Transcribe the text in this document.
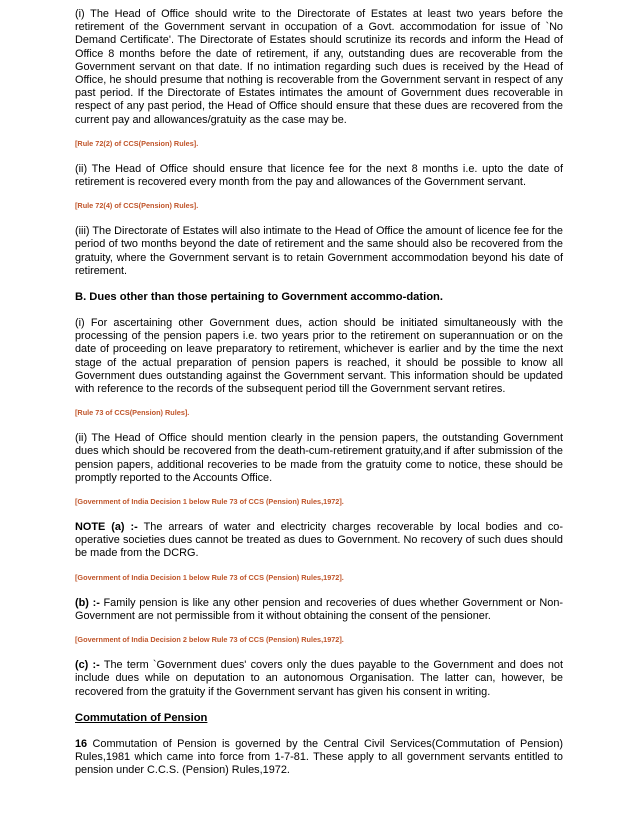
(i) The Head of Office should write to the Directorate of Estates at least two years before the retirement of the Government servant in occupation of a Govt. accommodation for issue of `No Demand Certificate'. The Directorate of Estates should scrutinize its records and inform the Head of Office 8 months before the date of retirement, if any, outstanding dues are recoverable from the Government servant on that date. If no intimation regarding such dues is received by the Head of Office, he should presume that nothing is recoverable from the Government servant in respect of any past period. If the Directorate of Estates intimates the amount of Government dues recoverable in respect of any past period, the Head of Office should ensure that these dues are recovered from the current pay and allowances/gratuity as the case may be.

[Rule 72(2) of CCS(Pension) Rules].

(ii) The Head of Office should ensure that licence fee for the next 8 months i.e. upto the date of retirement is recovered every month from the pay and allowances of the Government servant.

[Rule 72(4) of CCS(Pension) Rules].

(iii) The Directorate of Estates will also intimate to the Head of Office the amount of licence fee for the period of two months beyond the date of retirement and the same should also be recovered from the gratuity, where the Government servant is to retain Government accommodation beyond his date of retirement.

B. Dues other than those pertaining to Government accommo-dation.

(i) For ascertaining other Government dues, action should be initiated simultaneously with the processing of the pension papers i.e. two years prior to the retirement on superannuation or on the date of proceeding on leave preparatory to retirement, whichever is earlier and by the time the next stage of the actual preparation of pension papers is reached, it should be possible to know all Government dues outstanding against the Government servant. This information should be updated with reference to the records of the subsequent period till the Government servant retires.

[Rule 73 of CCS(Pension) Rules].

(ii) The Head of Office should mention clearly in the pension papers, the outstanding Government dues which should be recovered from the death-cum-retirement gratuity,and if after submission of the pension papers, additional recoveries to be made from the gratuity come to notice, these should be promptly reported to the Accounts Office.

[Government of India Decision 1 below Rule 73 of CCS (Pension) Rules,1972].

NOTE (a) :- The arrears of water and electricity charges recoverable by local bodies and co-operative societies dues cannot be treated as dues to Government. No recovery of such dues should be made from the DCRG.

[Government of India Decision 1 below Rule 73 of CCS (Pension) Rules,1972].

(b) :- Family pension is like any other pension and recoveries of dues whether Government or Non-Government are not permissible from it without obtaining the consent of the pensioner.

[Government of India Decision 2 below Rule 73 of CCS (Pension) Rules,1972].

(c) :- The term `Government dues' covers only the dues payable to the Government and does not include dues while on deputation to an autonomous Organisation. The latter can, however, be recovered from the gratuity if the Government servant has given his consent in writing.

Commutation of Pension

16 Commutation of Pension is governed by the Central Civil Services(Commutation of Pension) Rules,1981 which came into force from 1-7-81. These apply to all government servants entitled to pension under C.C.S. (Pension) Rules,1972.
